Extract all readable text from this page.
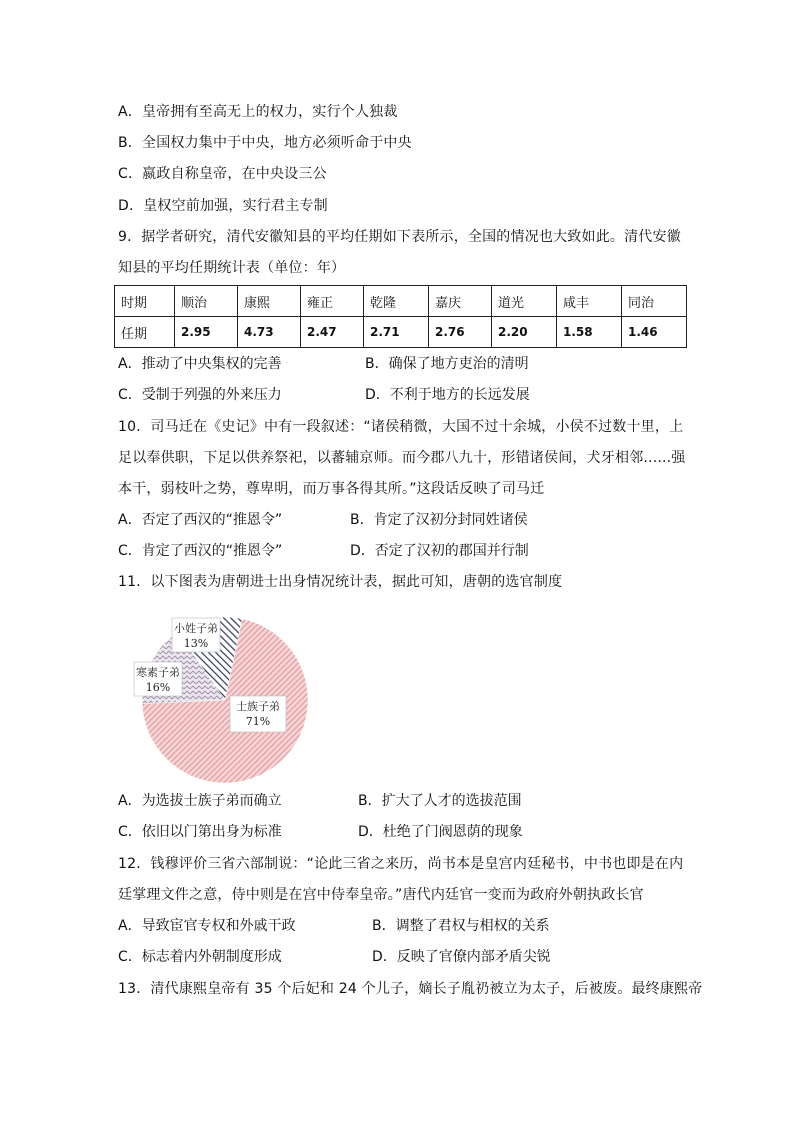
A．皇帝拥有至高无上的权力，实行个人独裁
B．全国权力集中于中央，地方必须听命于中央
C．嬴政自称皇帝，在中央设三公
D．皇权空前加强，实行君主专制
9．据学者研究，清代安徽知县的平均任期如下表所示，全国的情况也大致如此。清代安徽
知县的平均任期统计表（单位：年）
时期	顺治	康熙	雍正	乾隆	嘉庆	道光	咸丰	同治
任期	2.95	4.73	2.47	2.71	2.76	2.20	1.58	1.46
A．推动了中央集权的完善	B．确保了地方吏治的清明
C．受制于列强的外来压力	D．不利于地方的长远发展
10．司马迁在《史记》中有一段叙述：“诸侯稍微，大国不过十余城，小侯不过数十里，上
足以奉供职，下足以供养祭祀，以蕃辅京师。而今郡八九十，形错诸侯间，犬牙相邻......强
本干，弱枝叶之势，尊卑明，而万事各得其所。”这段话反映了司马迁
A．否定了西汉的“推恩令”	B．肯定了汉初分封同姓诸侯
C．肯定了西汉的“推恩令”	D．否定了汉初的郡国并行制
11．以下图表为唐朝进士出身情况统计表，据此可知，唐朝的选官制度
士族子弟
71%
寒素子弟
16%
小姓子弟
13%
A．为选拔士族子弟而确立	B．扩大了人才的选拔范围
C．依旧以门第出身为标准	D．杜绝了门阀恩荫的现象
12．钱穆评价三省六部制说：“论此三省之来历，尚书本是皇宫内廷秘书，中书也即是在内
廷掌理文件之意，侍中则是在宫中侍奉皇帝。”唐代内廷官一变而为政府外朝执政长官
A．导致宦官专权和外戚干政	B．调整了君权与相权的关系
C．标志着内外朝制度形成	D．反映了官僚内部矛盾尖锐
13．清代康熙皇帝有 35 个后妃和 24 个儿子，嫡长子胤礽被立为太子，后被废。最终康熙帝
